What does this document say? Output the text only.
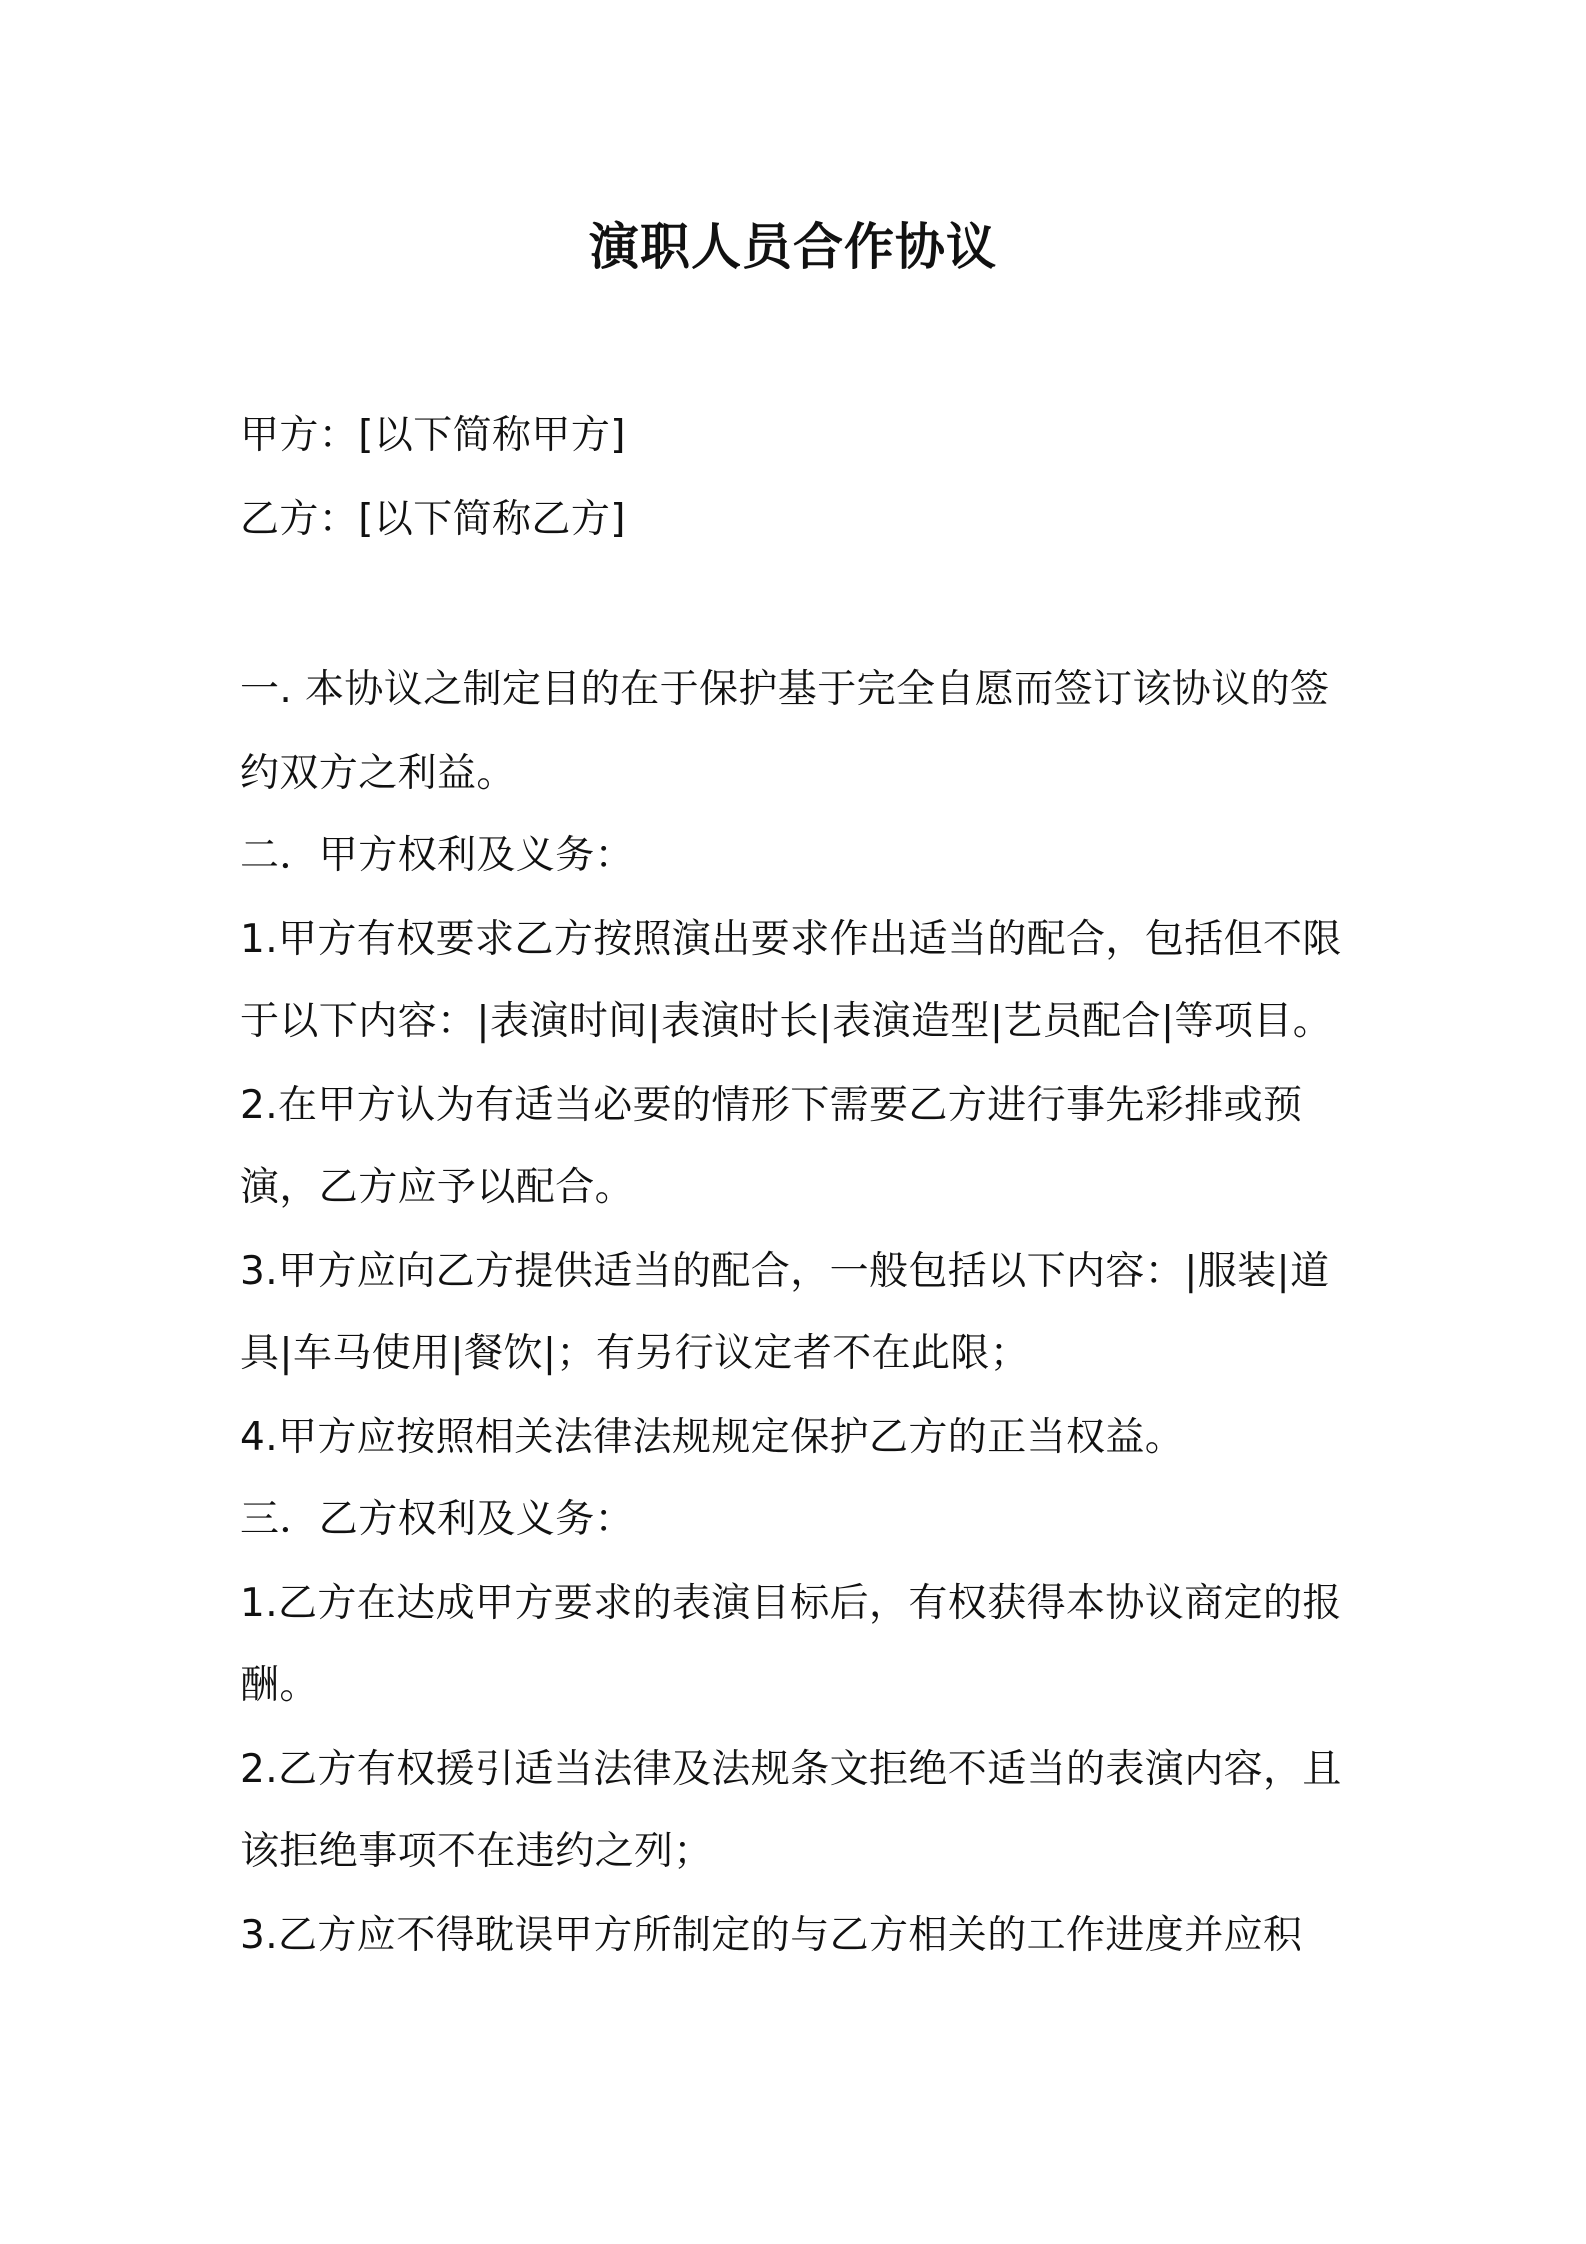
演职人员合作协议
甲方：[以下简称甲方]
乙方：[以下简称乙方]
一. 本协议之制定目的在于保护基于完全自愿而签订该协议的签
约双方之利益。
二．甲方权利及义务：
1.甲方有权要求乙方按照演出要求作出适当的配合，包括但不限
于以下内容：|表演时间|表演时长|表演造型|艺员配合|等项目。
2.在甲方认为有适当必要的情形下需要乙方进行事先彩排或预
演，乙方应予以配合。
3.甲方应向乙方提供适当的配合，一般包括以下内容：|服装|道
具|车马使用|餐饮|；有另行议定者不在此限；
4.甲方应按照相关法律法规规定保护乙方的正当权益。
三．乙方权利及义务：
1.乙方在达成甲方要求的表演目标后，有权获得本协议商定的报
酬。
2.乙方有权援引适当法律及法规条文拒绝不适当的表演内容，且
该拒绝事项不在违约之列；
3.乙方应不得耽误甲方所制定的与乙方相关的工作进度并应积
